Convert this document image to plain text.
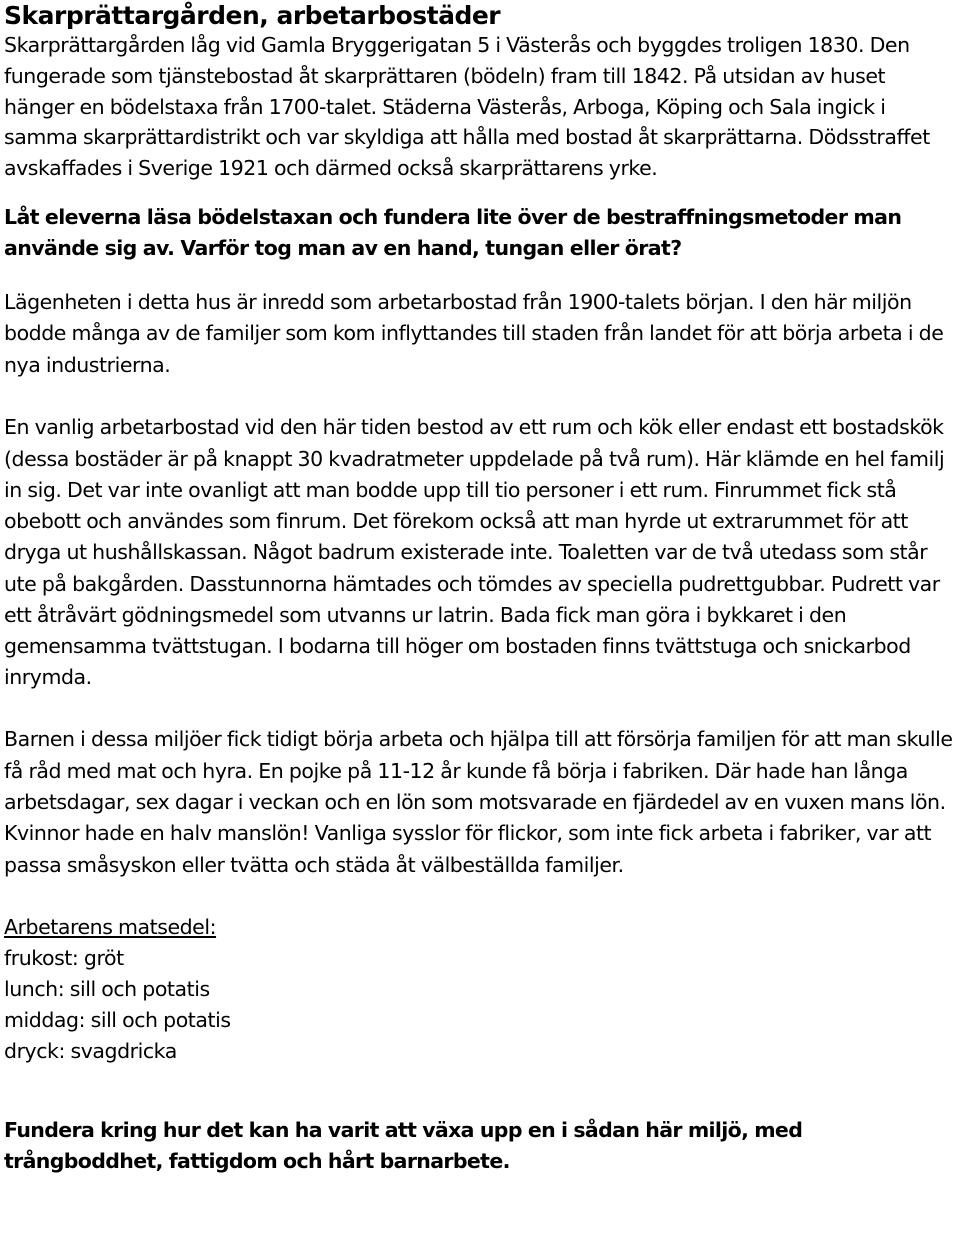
Skarprättargården, arbetarbostäder

Skarprättargården låg vid Gamla Bryggerigatan 5 i Västerås och byggdes troligen 1830. Den fungerade som tjänstebostad åt skarprättaren (bödeln) fram till 1842. På utsidan av huset hänger en bödelstaxa från 1700-talet. Städerna Västerås, Arboga, Köping och Sala ingick i samma skarprättardistrikt och var skyldiga att hålla med bostad åt skarprättarna. Dödsstraffet avskaffades i Sverige 1921 och därmed också skarprättarens yrke.

Låt eleverna läsa bödelstaxan och fundera lite över de bestraffningsmetoder man använde sig av. Varför tog man av en hand, tungan eller örat?

Lägenheten i detta hus är inredd som arbetarbostad från 1900-talets början. I den här miljön bodde många av de familjer som kom inflyttandes till staden från landet för att börja arbeta i de nya industrierna.

En vanlig arbetarbostad vid den här tiden bestod av ett rum och kök eller endast ett bostadskök (dessa bostäder är på knappt 30 kvadratmeter uppdelade på två rum). Här klämde en hel familj in sig. Det var inte ovanligt att man bodde upp till tio personer i ett rum. Finrummet fick stå obebott och användes som finrum. Det förekom också att man hyrde ut extrarummet för att dryga ut hushållskassan. Något badrum existerade inte. Toaletten var de två utedass som står ute på bakgården. Dasstunnorna hämtades och tömdes av speciella pudrettgubbar. Pudrett var ett åtråvärt gödningsmedel som utvanns ur latrin. Bada fick man göra i bykkaret i den gemensamma tvättstugan. I bodarna till höger om bostaden finns tvättstuga och snickarbod inrymda.

Barnen i dessa miljöer fick tidigt börja arbeta och hjälpa till att försörja familjen för att man skulle få råd med mat och hyra. En pojke på 11-12 år kunde få börja i fabriken. Där hade han långa arbetsdagar, sex dagar i veckan och en lön som motsvarade en fjärdedel av en vuxen mans lön. Kvinnor hade en halv manslön! Vanliga sysslor för flickor, som inte fick arbeta i fabriker, var att passa småsyskon eller tvätta och städa åt välbeställda familjer.

Arbetarens matsedel:
frukost: gröt
lunch: sill och potatis
middag: sill och potatis
dryck: svagdricka

Fundera kring hur det kan ha varit att växa upp en i sådan här miljö, med trångboddhet, fattigdom och hårt barnarbete.
